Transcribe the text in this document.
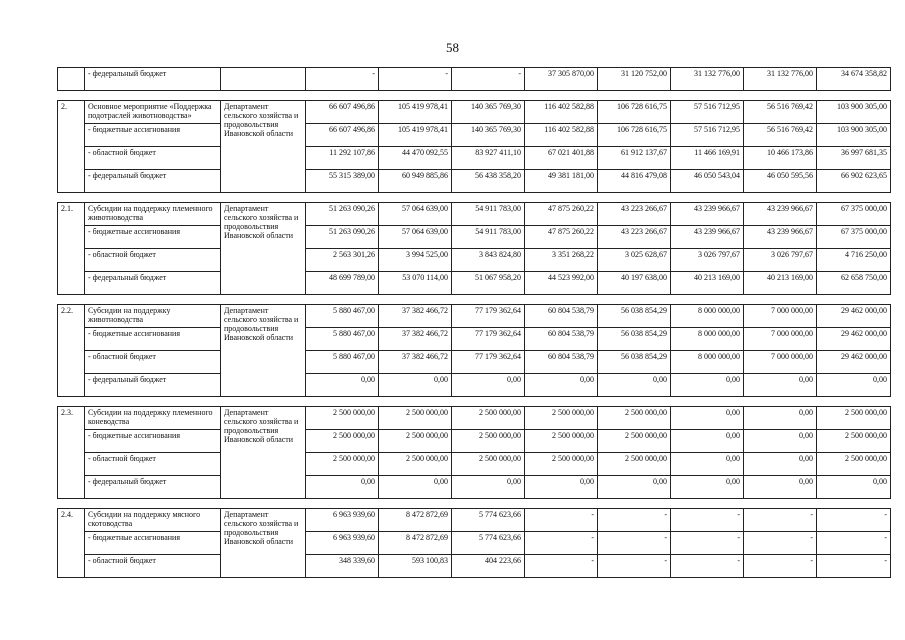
58
	- федеральный бюджет		-	-	-	37 305 870,00	31 120 752,00	31 132 776,00	31 132 776,00	34 674 358,82

2.	Основное мероприятие «Поддержка подотраслей животноводства»	Департамент сельского хозяйства и продовольствия Ивановской области	66 607 496,86	105 419 978,41	140 365 769,30	116 402 582,88	106 728 616,75	57 516 712,95	56 516 769,42	103 900 305,00
	- бюджетные ассигнования		66 607 496,86	105 419 978,41	140 365 769,30	116 402 582,88	106 728 616,75	57 516 712,95	56 516 769,42	103 900 305,00
	- областной бюджет		11 292 107,86	44 470 092,55	83 927 411,10	67 021 401,88	61 912 137,67	11 466 169,91	10 466 173,86	36 997 681,35
	- федеральный бюджет		55 315 389,00	60 949 885,86	56 438 358,20	49 381 181,00	44 816 479,08	46 050 543,04	46 050 595,56	66 902 623,65

2.1.	Субсидии на поддержку племенного животноводства	Департамент сельского хозяйства и продовольствия Ивановской области	51 263 090,26	57 064 639,00	54 911 783,00	47 875 260,22	43 223 266,67	43 239 966,67	43 239 966,67	67 375 000,00
	- бюджетные ассигнования		51 263 090,26	57 064 639,00	54 911 783,00	47 875 260,22	43 223 266,67	43 239 966,67	43 239 966,67	67 375 000,00
	- областной бюджет		2 563 301,26	3 994 525,00	3 843 824,80	3 351 268,22	3 025 628,67	3 026 797,67	3 026 797,67	4 716 250,00
	- федеральный бюджет		48 699 789,00	53 070 114,00	51 067 958,20	44 523 992,00	40 197 638,00	40 213 169,00	40 213 169,00	62 658 750,00

2.2.	Субсидии на поддержку животноводства	Департамент сельского хозяйства и продовольствия Ивановской области	5 880 467,00	37 382 466,72	77 179 362,64	60 804 538,79	56 038 854,29	8 000 000,00	7 000 000,00	29 462 000,00
	- бюджетные ассигнования		5 880 467,00	37 382 466,72	77 179 362,64	60 804 538,79	56 038 854,29	8 000 000,00	7 000 000,00	29 462 000,00
	- областной бюджет		5 880 467,00	37 382 466,72	77 179 362,64	60 804 538,79	56 038 854,29	8 000 000,00	7 000 000,00	29 462 000,00
	- федеральный бюджет		0,00	0,00	0,00	0,00	0,00	0,00	0,00	0,00

2.3.	Субсидии на поддержку племенного коневодства	Департамент сельского хозяйства и продовольствия Ивановской области	2 500 000,00	2 500 000,00	2 500 000,00	2 500 000,00	2 500 000,00	0,00	0,00	2 500 000,00
	- бюджетные ассигнования		2 500 000,00	2 500 000,00	2 500 000,00	2 500 000,00	2 500 000,00	0,00	0,00	2 500 000,00
	- областной бюджет		2 500 000,00	2 500 000,00	2 500 000,00	2 500 000,00	2 500 000,00	0,00	0,00	2 500 000,00
	- федеральный бюджет		0,00	0,00	0,00	0,00	0,00	0,00	0,00	0,00

2.4.	Субсидии на поддержку мясного скотоводства	Департамент сельского хозяйства и продовольствия Ивановской области	6 963 939,60	8 472 872,69	5 774 623,66	-	-	-	-	-
	- бюджетные ассигнования		6 963 939,60	8 472 872,69	5 774 623,66	-	-	-	-	-
	- областной бюджет		348 339,60	593 100,83	404 223,66	-	-	-	-	-
